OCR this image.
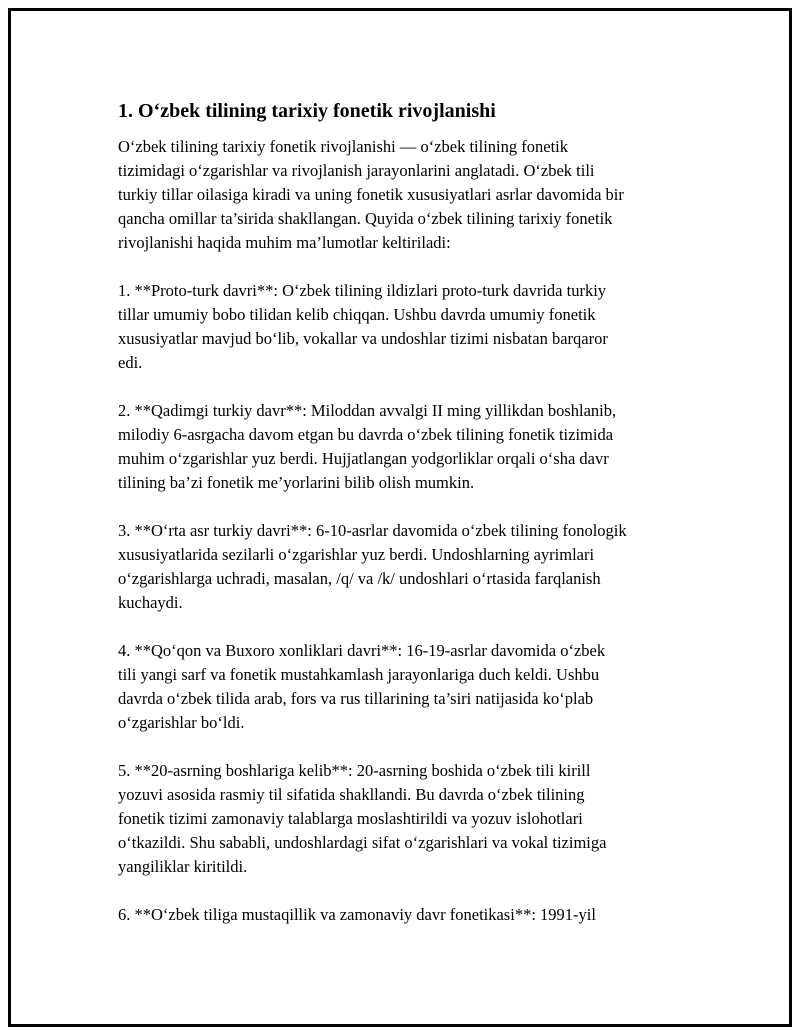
1. O‘zbek tilining tarixiy fonetik rivojlanishi

O‘zbek tilining tarixiy fonetik rivojlanishi — o‘zbek tilining fonetik
tizimidagi o‘zgarishlar va rivojlanish jarayonlarini anglatadi. O‘zbek tili
turkiy tillar oilasiga kiradi va uning fonetik xususiyatlari asrlar davomida bir
qancha omillar ta’sirida shakllangan. Quyida o‘zbek tilining tarixiy fonetik
rivojlanishi haqida muhim ma’lumotlar keltiriladi:

1. **Proto-turk davri**: O‘zbek tilining ildizlari proto-turk davrida turkiy
tillar umumiy bobo tilidan kelib chiqqan. Ushbu davrda umumiy fonetik
xususiyatlar mavjud bo‘lib, vokallar va undoshlar tizimi nisbatan barqaror
edi.

2. **Qadimgi turkiy davr**: Miloddan avvalgi II ming yillikdan boshlanib,
milodiy 6-asrgacha davom etgan bu davrda o‘zbek tilining fonetik tizimida
muhim o‘zgarishlar yuz berdi. Hujjatlangan yodgorliklar orqali o‘sha davr
tilining ba’zi fonetik me’yorlarini bilib olish mumkin.

3. **O‘rta asr turkiy davri**: 6-10-asrlar davomida o‘zbek tilining fonologik
xususiyatlarida sezilarli o‘zgarishlar yuz berdi. Undoshlarning ayrimlari
o‘zgarishlarga uchradi, masalan, /q/ va /k/ undoshlari o‘rtasida farqlanish
kuchaydi.

4. **Qo‘qon va Buxoro xonliklari davri**: 16-19-asrlar davomida o‘zbek
tili yangi sarf va fonetik mustahkamlash jarayonlariga duch keldi. Ushbu
davrda o‘zbek tilida arab, fors va rus tillarining ta’siri natijasida ko‘plab
o‘zgarishlar bo‘ldi.

5. **20-asrning boshlariga kelib**: 20-asrning boshida o‘zbek tili kirill
yozuvi asosida rasmiy til sifatida shakllandi. Bu davrda o‘zbek tilining
fonetik tizimi zamonaviy talablarga moslashtirildi va yozuv islohotlari
o‘tkazildi. Shu sababli, undoshlardagi sifat o‘zgarishlari va vokal tizimiga
yangiliklar kiritildi.

6. **O‘zbek tiliga mustaqillik va zamonaviy davr fonetikasi**: 1991-yil
